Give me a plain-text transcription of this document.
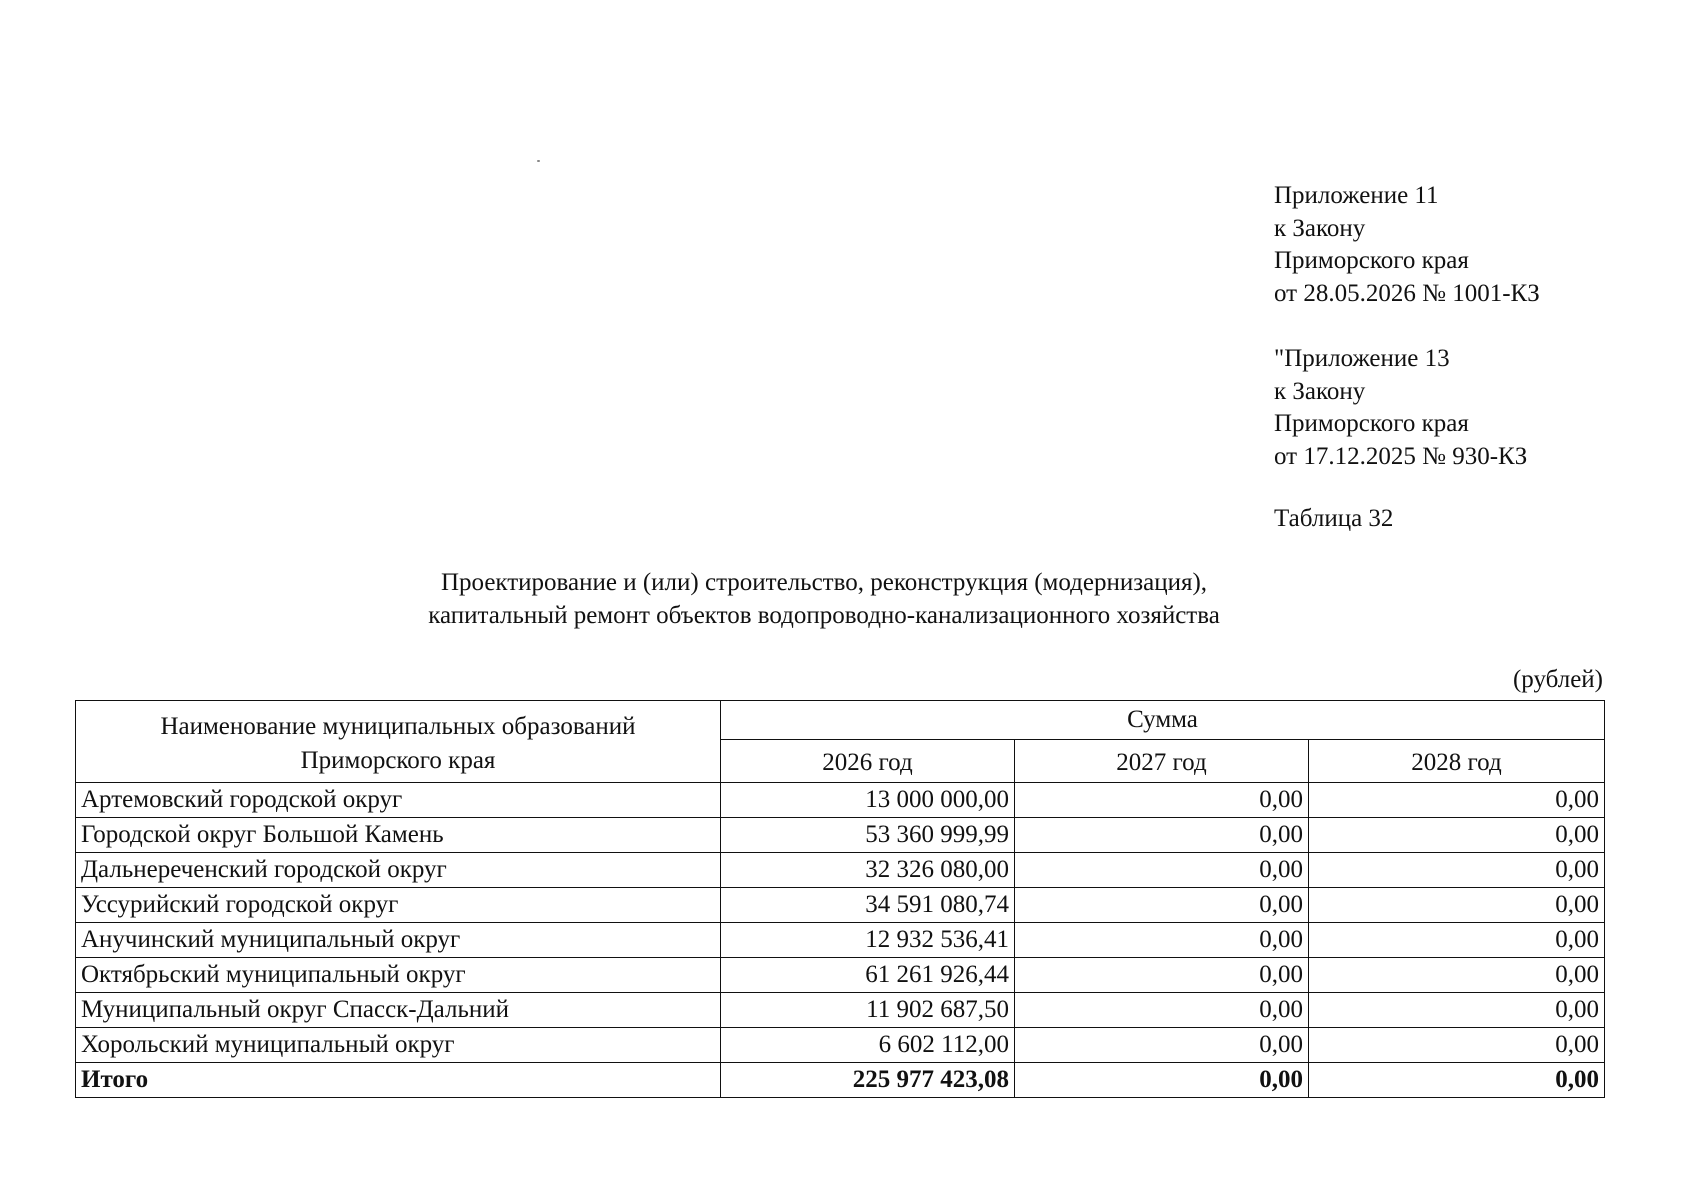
Приложение 11
к Закону
Приморского края
от 28.05.2026 № 1001-КЗ
"Приложение 13
к Закону
Приморского края
от 17.12.2025 № 930-КЗ
Таблица 32
Проектирование и (или) строительство, реконструкция (модернизация),
капитальный ремонт объектов водопроводно-канализационного хозяйства
(рублей)
Наименование муниципальных образований
Приморского края	Сумма		
	2026 год	2027 год	2028 год
Артемовский городской округ	13 000 000,00	0,00	0,00
Городской округ Большой Камень	53 360 999,99	0,00	0,00
Дальнереченский городской округ	32 326 080,00	0,00	0,00
Уссурийский городской округ	34 591 080,74	0,00	0,00
Анучинский муниципальный округ	12 932 536,41	0,00	0,00
Октябрьский муниципальный округ	61 261 926,44	0,00	0,00
Муниципальный округ Спасск-Дальний	11 902 687,50	0,00	0,00
Хорольский муниципальный округ	6 602 112,00	0,00	0,00
Итого	225 977 423,08	0,00	0,00
